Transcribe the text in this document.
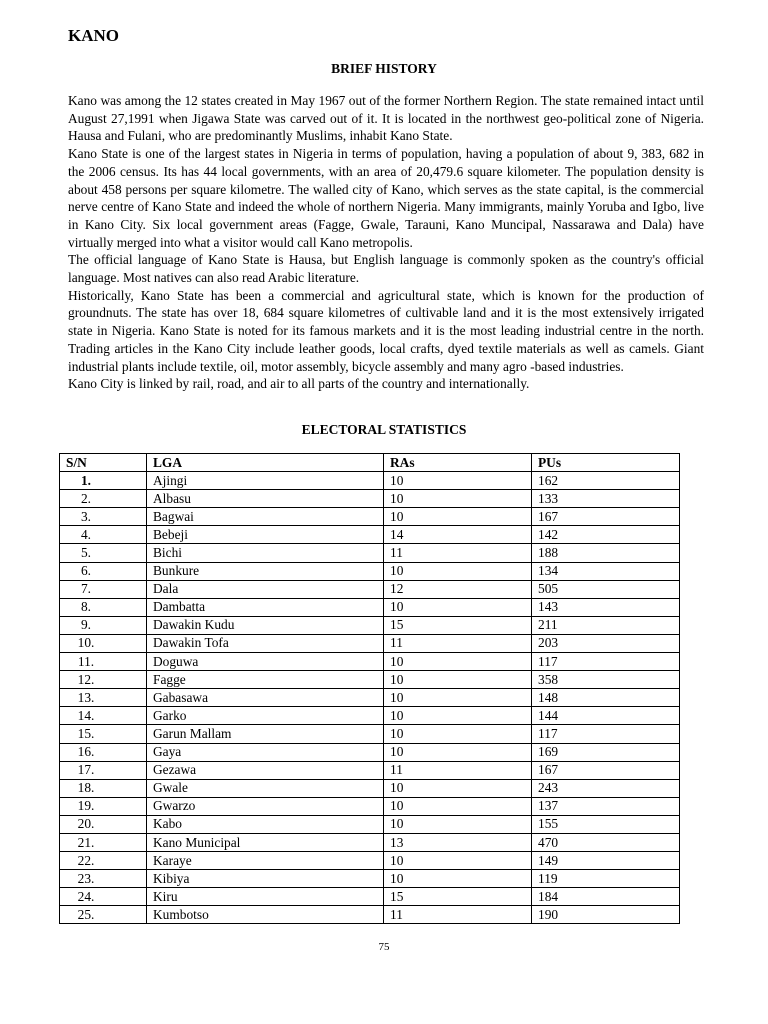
KANO
BRIEF HISTORY

Kano was among the 12 states created in May 1967 out of the former Northern Region. The state remained intact until August 27,1991 when Jigawa State was carved out of it. It is located in the northwest geo-political zone of Nigeria. Hausa and Fulani, who are predominantly Muslims, inhabit Kano State.

Kano State is one of the largest states in Nigeria in terms of population, having a population of about 9, 383, 682 in the 2006 census. Its has 44 local governments, with an area of 20,479.6 square kilometer. The population density is about 458 persons per square kilometre. The walled city of Kano, which serves as the state capital, is the commercial nerve centre of Kano State and indeed the whole of northern Nigeria. Many immigrants, mainly Yoruba and Igbo, live in Kano City. Six local government areas (Fagge, Gwale, Tarauni, Kano Muncipal, Nassarawa and Dala) have virtually merged into what a visitor would call Kano metropolis.

The official language of Kano State is Hausa, but English language is commonly spoken as the country's official language. Most natives can also read Arabic literature.

Historically, Kano State has been a commercial and agricultural state, which is known for the production of groundnuts. The state has over 18, 684 square kilometres of cultivable land and it is the most extensively irrigated state in Nigeria. Kano State is noted for its famous markets and it is the most leading industrial centre in the north. Trading articles in the Kano City include leather goods, local crafts, dyed textile materials as well as camels. Giant industrial plants include textile, oil, motor assembly, bicycle assembly and many agro -based industries.

Kano City is linked by rail, road, and air to all parts of the country and internationally.

ELECTORAL STATISTICS
S/N	LGA	RAs	PUs
1.	Ajingi	10	162
2.	Albasu	10	133
3.	Bagwai	10	167
4.	Bebeji	14	142
5.	Bichi	11	188
6.	Bunkure	10	134
7.	Dala	12	505
8.	Dambatta	10	143
9.	Dawakin Kudu	15	211
10.	Dawakin Tofa	11	203
11.	Doguwa	10	117
12.	Fagge	10	358
13.	Gabasawa	10	148
14.	Garko	10	144
15.	Garun Mallam	10	117
16.	Gaya	10	169
17.	Gezawa	11	167
18.	Gwale	10	243
19.	Gwarzo	10	137
20.	Kabo	10	155
21.	Kano Municipal	13	470
22.	Karaye	10	149
23.	Kibiya	10	119
24.	Kiru	15	184
25.	Kumbotso	11	190
75
